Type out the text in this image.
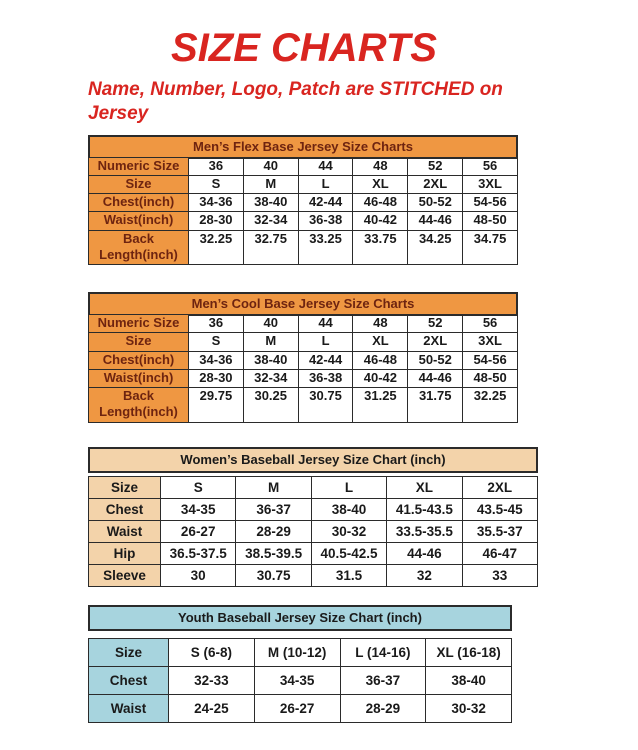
SIZE CHARTS

Name, Number, Logo, Patch are STITCHED on Jersey

Men’s Flex Base Jersey Size Charts
Numeric Size	36	40	44	48	52	56
Size	S	M	L	XL	2XL	3XL
Chest(inch)	34-36	38-40	42-44	46-48	50-52	54-56
Waist(inch)	28-30	32-34	36-38	40-42	44-46	48-50
Back Length(inch)	32.25	32.75	33.25	33.75	34.25	34.75
Men’s Cool Base Jersey Size Charts
Numeric Size	36	40	44	48	52	56
Size	S	M	L	XL	2XL	3XL
Chest(inch)	34-36	38-40	42-44	46-48	50-52	54-56
Waist(inch)	28-30	32-34	36-38	40-42	44-46	48-50
Back Length(inch)	29.75	30.25	30.75	31.25	31.75	32.25
Women’s Baseball Jersey Size Chart (inch)
Size	S	M	L	XL	2XL
Chest	34-35	36-37	38-40	41.5-43.5	43.5-45
Waist	26-27	28-29	30-32	33.5-35.5	35.5-37
Hip	36.5-37.5	38.5-39.5	40.5-42.5	44-46	46-47
Sleeve	30	30.75	31.5	32	33
Youth Baseball Jersey Size Chart (inch)
Size	S (6-8)	M (10-12)	L (14-16)	XL (16-18)
Chest	32-33	34-35	36-37	38-40
Waist	24-25	26-27	28-29	30-32
